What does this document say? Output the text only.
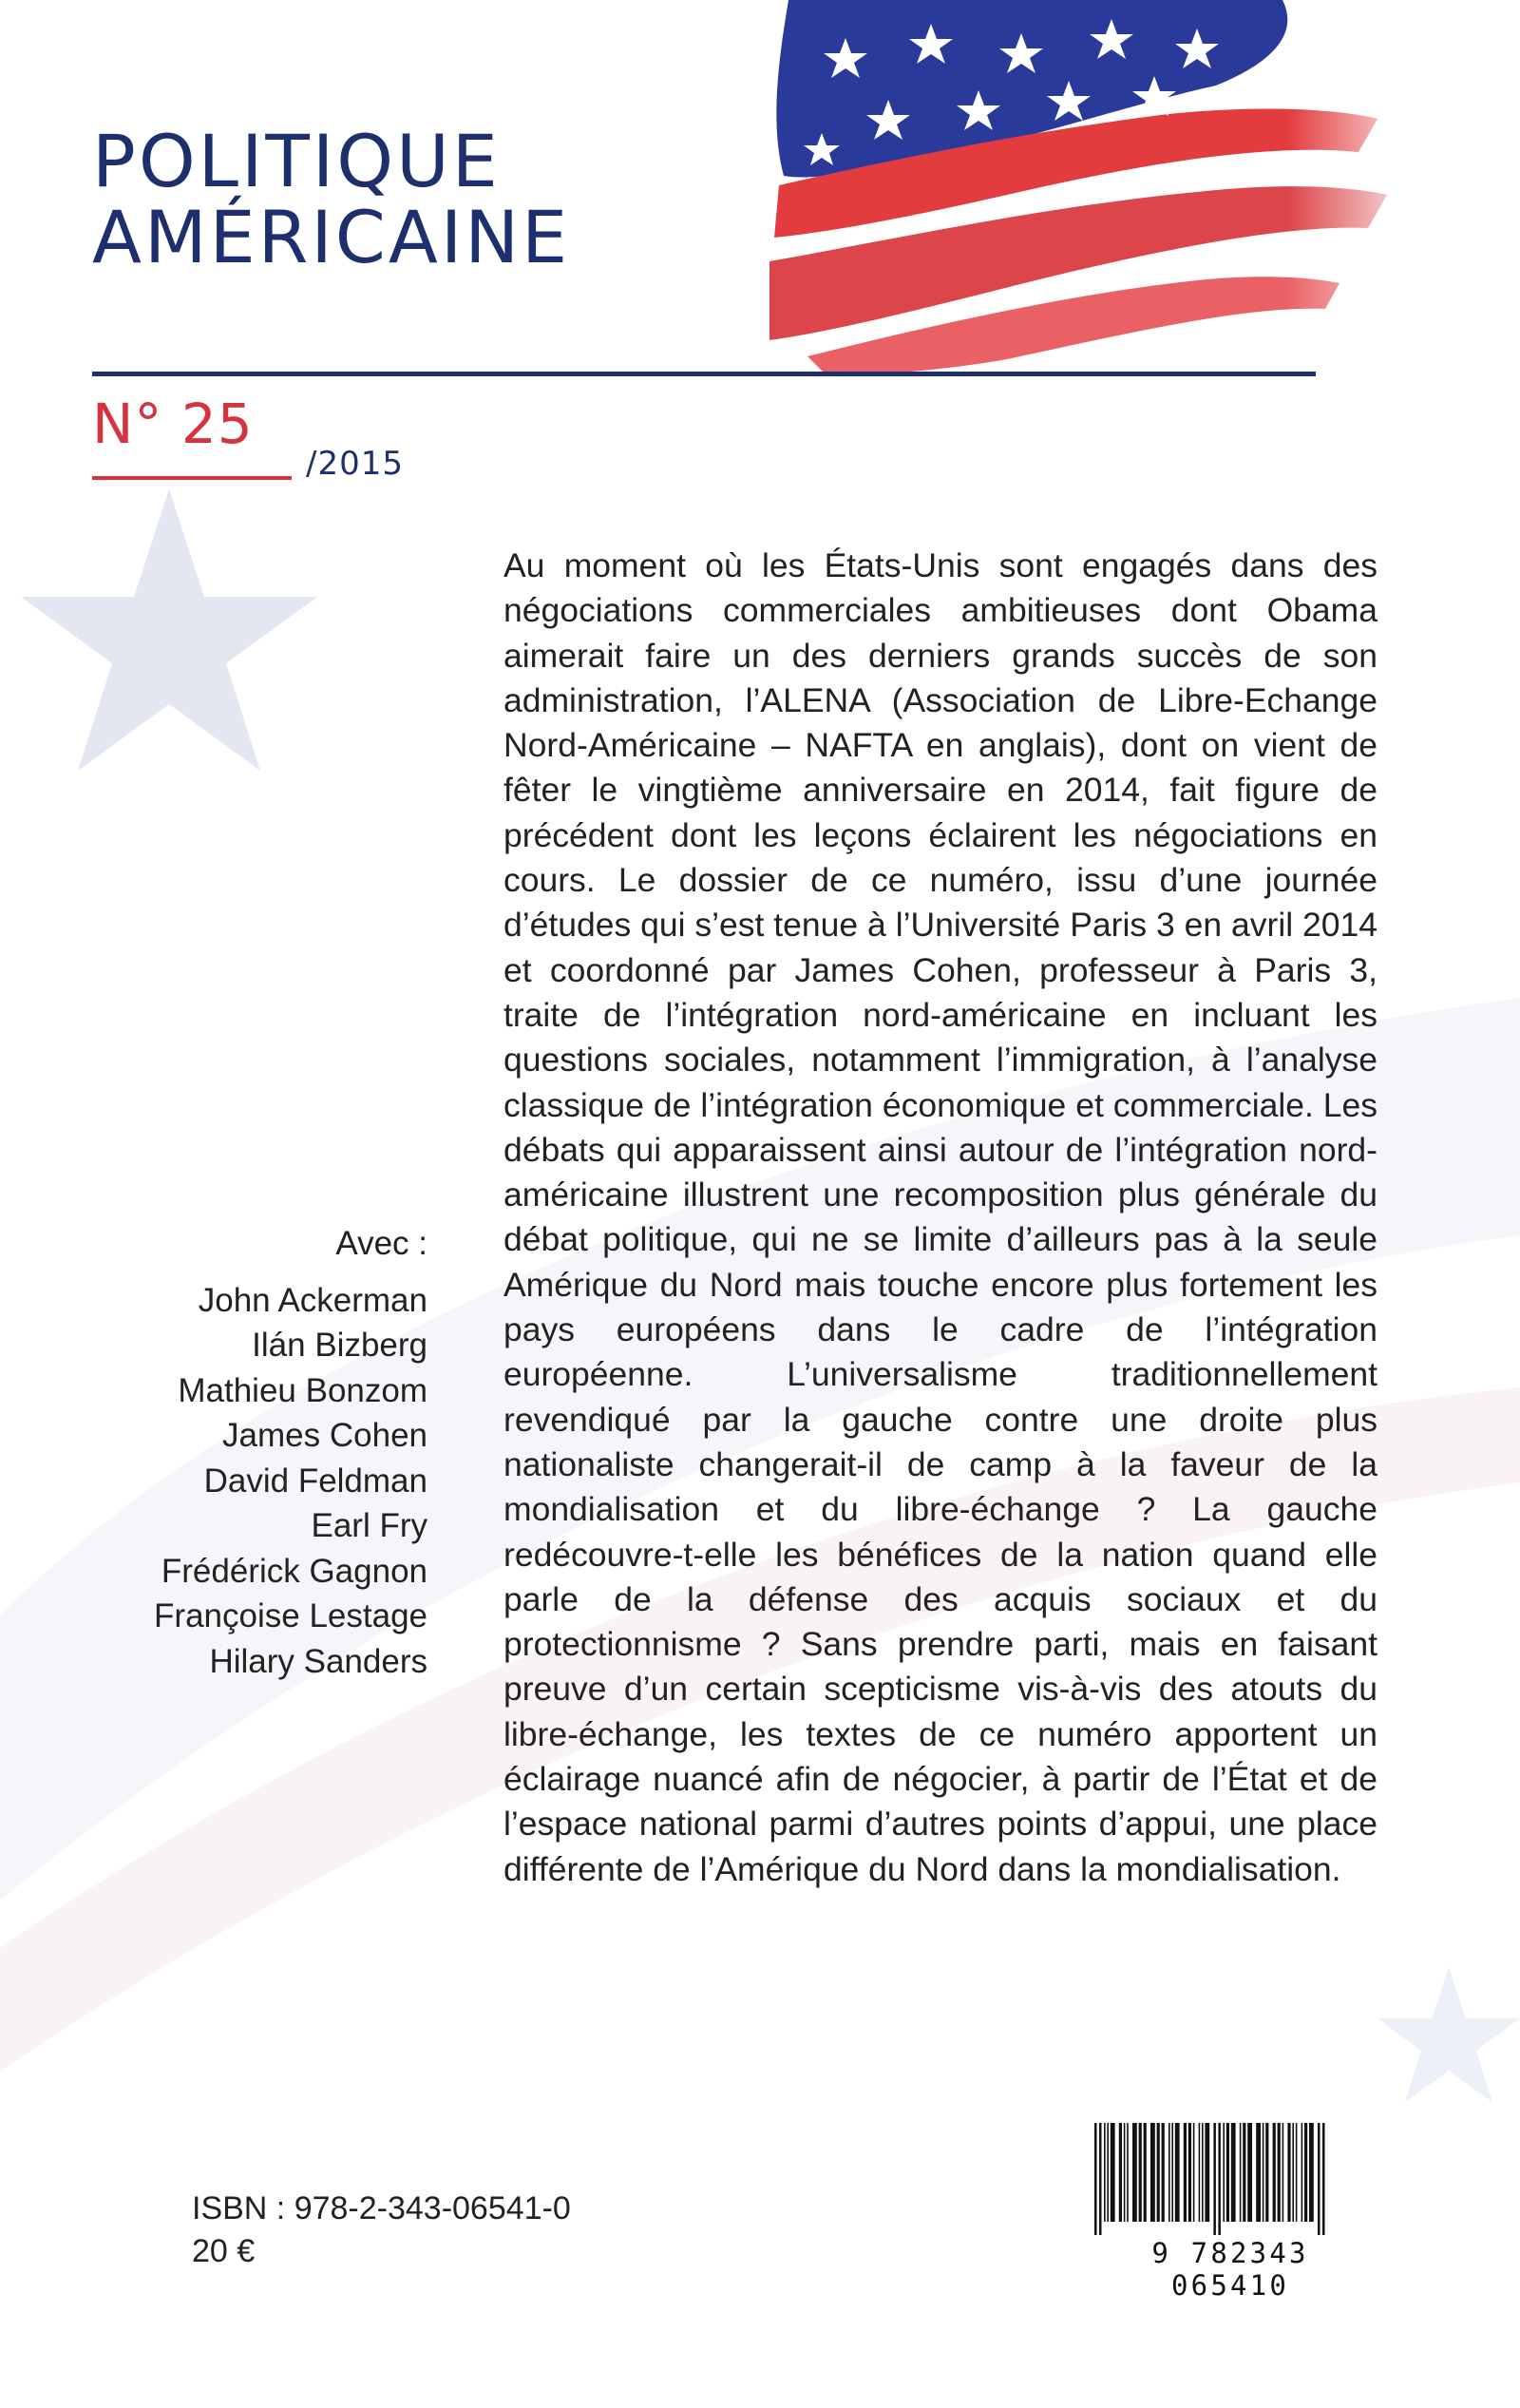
POLITIQUE
AMÉRICAINE
N° 25
/2015
Avec :
John Ackerman
Ilán Bizberg
Mathieu Bonzom
James Cohen
David Feldman
Earl Fry
Frédérick Gagnon
Françoise Lestage
Hilary Sanders

Au moment où les États-Unis sont engagés dans des négociations commerciales ambitieuses dont Obama aimerait faire un des derniers grands succès de son administration, l’ALENA (Association de Libre-Echange Nord-Américaine – NAFTA en anglais), dont on vient de fêter le vingtième anniversaire en 2014, fait figure de précédent dont les leçons éclairent les négociations en cours. Le dossier de ce numéro, issu d’une journée d’études qui s’est tenue à l’Université Paris 3 en avril 2014 et coordonné par James Cohen, professeur à Paris 3, traite de l’intégration nord-américaine en incluant les questions sociales, notamment l’immigration, à l’analyse classique de l’intégration économique et commerciale. Les débats qui apparaissent ainsi autour de l’intégration nord-américaine illustrent une recomposition plus générale du débat politique, qui ne se limite d’ailleurs pas à la seule Amérique du Nord mais touche encore plus fortement les pays européens dans le cadre de l’intégration européenne. L’universalisme traditionnellement revendiqué par la gauche contre une droite plus nationaliste changerait-il de camp à la faveur de la mondialisation et du libre-échange ? La gauche redécouvre-t-elle les bénéfices de la nation quand elle parle de la défense des acquis sociaux et du protectionnisme ? Sans prendre parti, mais en faisant preuve d’un certain scepticisme vis-à-vis des atouts du libre-échange, les textes de ce numéro apportent un éclairage nuancé afin de négocier, à partir de l’État et de l’espace national parmi d’autres points d’appui, une place différente de l’Amérique du Nord dans la mondialisation.

ISBN : 978-2-343-06541-0
20 €	9 782343 065410
